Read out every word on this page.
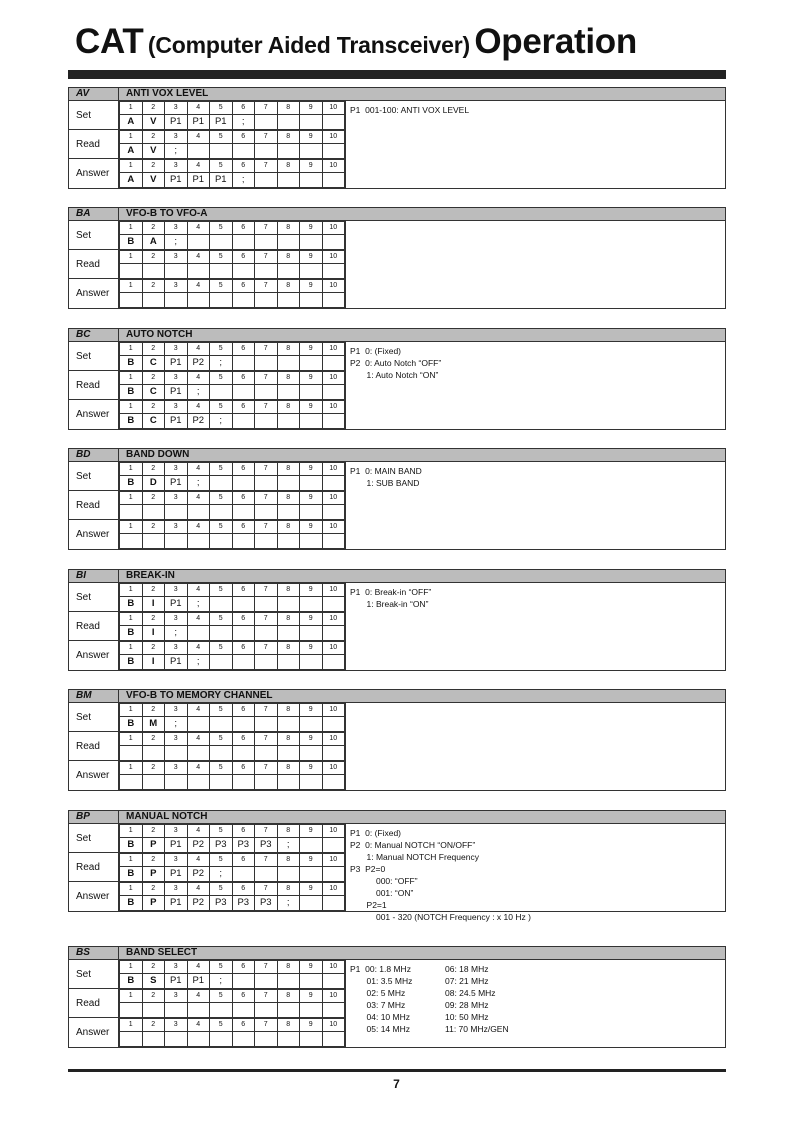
CAT (Computer Aided Transceiver) Operation
AV	ANTI VOX LEVEL
Set
1	2	3	4	5	6	7	8	9	10
A	V	P1	P1	P1	;				
Read
1	2	3	4	5	6	7	8	9	10
A	V	;							
Answer
1	2	3	4	5	6	7	8	9	10
A	V	P1	P1	P1	;				
P1  001-100: ANTI VOX LEVEL
BA	VFO-B TO VFO-A
Set
1	2	3	4	5	6	7	8	9	10
B	A	;							
Read
1	2	3	4	5	6	7	8	9	10

Answer
1	2	3	4	5	6	7	8	9	10

BC	AUTO NOTCH
Set
1	2	3	4	5	6	7	8	9	10
B	C	P1	P2	;					
Read
1	2	3	4	5	6	7	8	9	10
B	C	P1	;						
Answer
1	2	3	4	5	6	7	8	9	10
B	C	P1	P2	;					
P1  0: (Fixed)
P2  0: Auto Notch “OFF”
1: Auto Notch “ON”
BD	BAND DOWN
Set
1	2	3	4	5	6	7	8	9	10
B	D	P1	;						
Read
1	2	3	4	5	6	7	8	9	10

Answer
1	2	3	4	5	6	7	8	9	10

P1  0: MAIN BAND
1: SUB BAND
BI	BREAK-IN
Set
1	2	3	4	5	6	7	8	9	10
B	I	P1	;						
Read
1	2	3	4	5	6	7	8	9	10
B	I	;							
Answer
1	2	3	4	5	6	7	8	9	10
B	I	P1	;						
P1  0: Break-in “OFF”
1: Break-in “ON”
BM	VFO-B TO MEMORY CHANNEL
Set
1	2	3	4	5	6	7	8	9	10
B	M	;							
Read
1	2	3	4	5	6	7	8	9	10

Answer
1	2	3	4	5	6	7	8	9	10

BP	MANUAL NOTCH
Set
1	2	3	4	5	6	7	8	9	10
B	P	P1	P2	P3	P3	P3	;		
Read
1	2	3	4	5	6	7	8	9	10
B	P	P1	P2	;					
Answer
1	2	3	4	5	6	7	8	9	10
B	P	P1	P2	P3	P3	P3	;		
P1  0: (Fixed)
P2  0: Manual NOTCH “ON/OFF”
1: Manual NOTCH Frequency
P3  P2=0
000: “OFF”
001: “ON”
P2=1
001 - 320 (NOTCH Frequency : x 10 Hz )
BS	BAND SELECT
Set
1	2	3	4	5	6	7	8	9	10
B	S	P1	P1	;					
Read
1	2	3	4	5	6	7	8	9	10

Answer
1	2	3	4	5	6	7	8	9	10

P1  00: 1.8 MHz	06: 18 MHz
01: 3.5 MHz	07: 21 MHz
02: 5 MHz	08: 24.5 MHz
03: 7 MHz	09: 28 MHz
04: 10 MHz	10: 50 MHz
05: 14 MHz	11: 70 MHz/GEN
7
